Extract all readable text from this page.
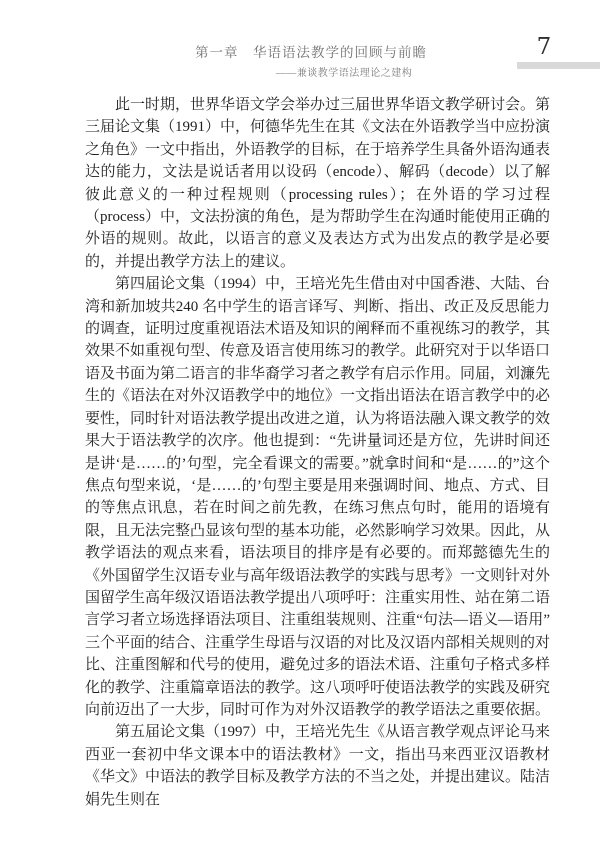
第一章　华语语法教学的回顾与前瞻
——兼谈教学语法理论之建构
7

此一时期，世界华语文学会举办过三届世界华语文教学研讨会。第三届论文集（1991）中，何德华先生在其《文法在外语教学当中应扮演之角色》一文中指出，外语教学的目标，在于培养学生具备外语沟通表达的能力，文法是说话者用以设码（encode）、解码（decode）以了解彼此意义的一种过程规则（processing rules）；在外语的学习过程（process）中，文法扮演的角色，是为帮助学生在沟通时能使用正确的外语的规则。故此，以语言的意义及表达方式为出发点的教学是必要的，并提出教学方法上的建议。

第四届论文集（1994）中，王培光先生借由对中国香港、大陆、台湾和新加坡共240 名中学生的语言译写、判断、指出、改正及反思能力的调查，证明过度重视语法术语及知识的阐释而不重视练习的教学，其效果不如重视句型、传意及语言使用练习的教学。此研究对于以华语口语及书面为第二语言的非华裔学习者之教学有启示作用。同届，刘濂先生的《语法在对外汉语教学中的地位》一文指出语法在语言教学中的必要性，同时针对语法教学提出改进之道，认为将语法融入课文教学的效果大于语法教学的次序。他也提到：“先讲量词还是方位，先讲时间还是讲‘是……的’句型，完全看课文的需要。”就拿时间和“是……的”这个焦点句型来说，‘是……的’句型主要是用来强调时间、地点、方式、目的等焦点讯息，若在时间之前先教，在练习焦点句时，能用的语境有限，且无法完整凸显该句型的基本功能，必然影响学习效果。因此，从教学语法的观点来看，语法项目的排序是有必要的。而郑懿德先生的《外国留学生汉语专业与高年级语法教学的实践与思考》一文则针对外国留学生高年级汉语语法教学提出八项呼吁：注重实用性、站在第二语言学习者立场选择语法项目、注重组装规则、注重“句法—语义—语用”三个平面的结合、注重学生母语与汉语的对比及汉语内部相关规则的对比、注重图解和代号的使用，避免过多的语法术语、注重句子格式多样化的教学、注重篇章语法的教学。这八项呼吁使语法教学的实践及研究向前迈出了一大步，同时可作为对外汉语教学的教学语法之重要依据。

第五届论文集（1997）中，王培光先生《从语言教学观点评论马来西亚一套初中华文课本中的语法教材》一文，指出马来西亚汉语教材《华文》中语法的教学目标及教学方法的不当之处，并提出建议。陆洁娟先生则在
